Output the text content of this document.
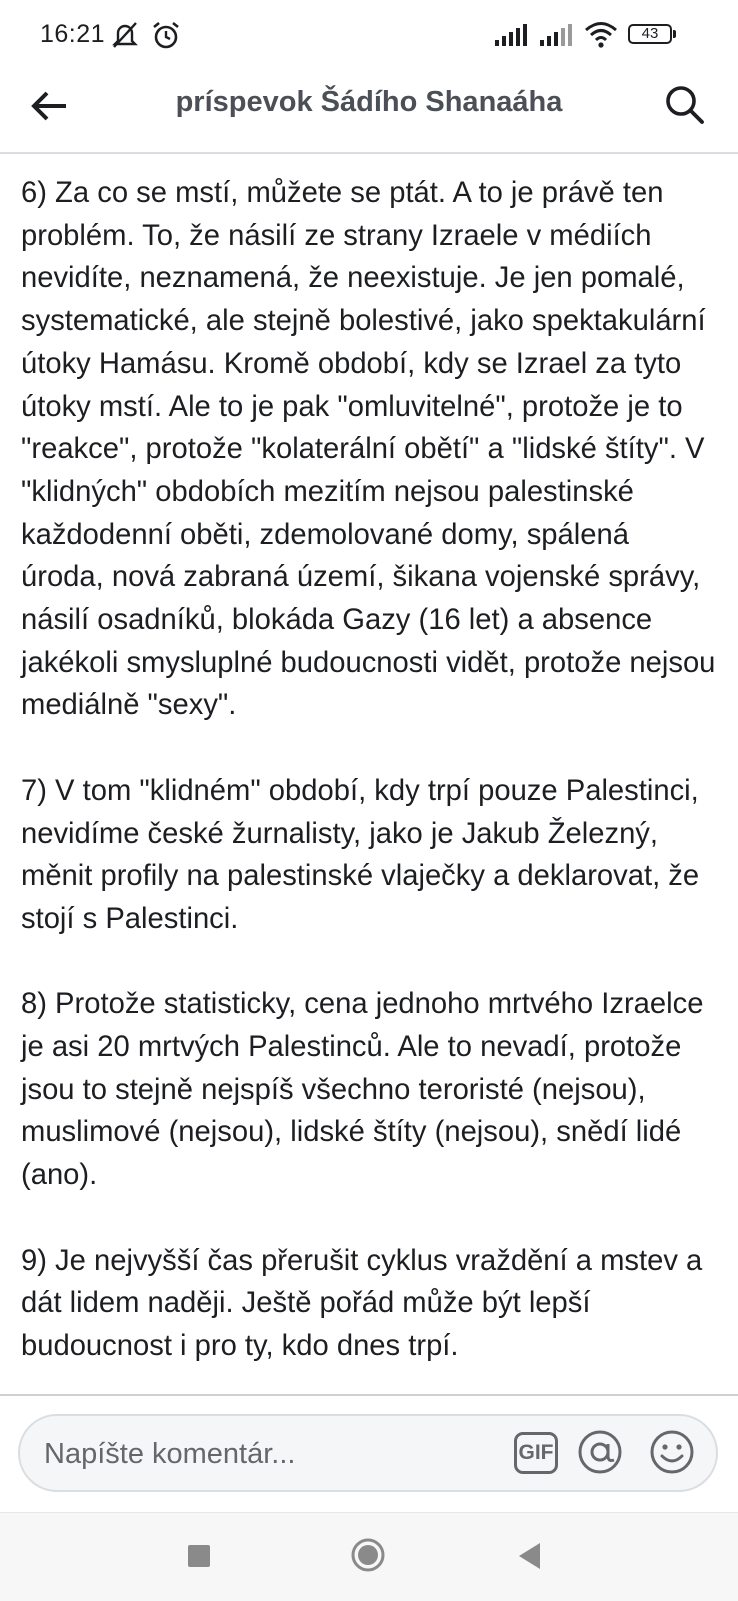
16:21	43
príspevok Šádího Shanaáha

6) Za co se mstí, můžete se ptát. A to je právě ten problém. To, že násilí ze strany Izraele v médiích nevidíte, neznamená, že neexistuje. Je jen pomalé, systematické, ale stejně bolestivé, jako spektakulární útoky Hamásu. Kromě období, kdy se Izrael za tyto útoky mstí. Ale to je pak "omluvitelné", protože je to "reakce", protože "kolaterální obětí" a "lidské štíty". V "klidných" obdobích mezitím nejsou palestinské každodenní oběti, zdemolované domy, spálená úroda, nová zabraná území, šikana vojenské správy, násilí osadníků, blokáda Gazy (16 let) a absence jakékoli smysluplné budoucnosti vidět, protože nejsou mediálně "sexy".

7) V tom "klidném" období, kdy trpí pouze Palestinci, nevidíme české žurnalisty, jako je Jakub Železný, měnit profily na palestinské vlaječky a deklarovat, že stojí s Palestinci.

8) Protože statisticky, cena jednoho mrtvého Izraelce je asi 20 mrtvých Palestinců. Ale to nevadí, protože jsou to stejně nejspíš všechno teroristé (nejsou), muslimové (nejsou), lidské štíty (nejsou), snědí lidé (ano).

9) Je nejvyšší čas přerušit cyklus vraždění a mstev a dát lidem naději. Ještě pořád může být lepší budoucnost i pro ty, kdo dnes trpí.

Napíšte komentár...
GIF
